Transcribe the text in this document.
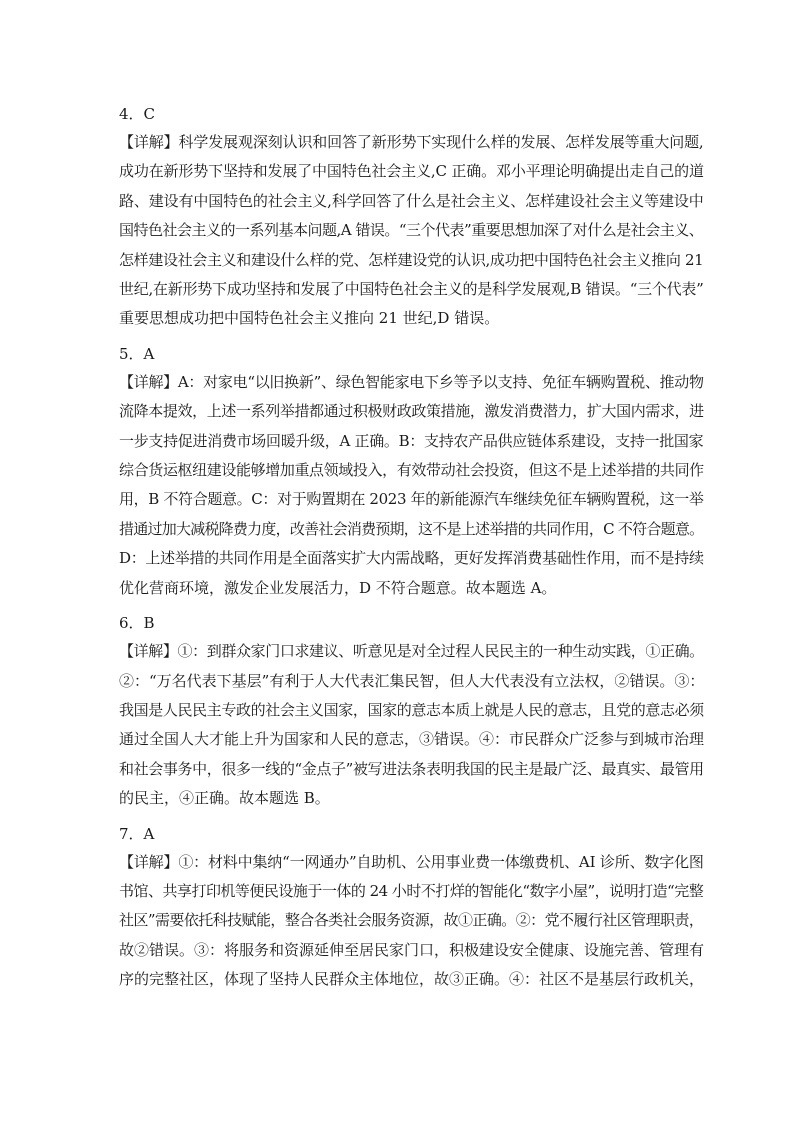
4．C

【详解】科学发展观深刻认识和回答了新形势下实现什么样的发展、怎样发展等重大问题,
成功在新形势下坚持和发展了中国特色社会主义,C 正确。邓小平理论明确提出走自己的道
路、建设有中国特色的社会主义,科学回答了什么是社会主义、怎样建设社会主义等建设中
国特色社会主义的一系列基本问题,A 错误。“三个代表”重要思想加深了对什么是社会主义、
怎样建设社会主义和建设什么样的党、怎样建设党的认识,成功把中国特色社会主义推向 21
世纪,在新形势下成功坚持和发展了中国特色社会主义的是科学发展观,B 错误。“三个代表”
重要思想成功把中国特色社会主义推向 21 世纪,D 错误。

5．A

【详解】A：对家电“以旧换新”、绿色智能家电下乡等予以支持、免征车辆购置税、推动物
流降本提效，上述一系列举措都通过积极财政政策措施，激发消费潜力，扩大国内需求，进
一步支持促进消费市场回暖升级，A 正确。B：支持农产品供应链体系建设，支持一批国家
综合货运枢纽建设能够增加重点领域投入，有效带动社会投资，但这不是上述举措的共同作
用，B 不符合题意。C：对于购置期在 2023 年的新能源汽车继续免征车辆购置税，这一举
措通过加大减税降费力度，改善社会消费预期，这不是上述举措的共同作用，C 不符合题意。
D：上述举措的共同作用是全面落实扩大内需战略，更好发挥消费基础性作用，而不是持续
优化营商环境，激发企业发展活力，D 不符合题意。故本题选 A。

6．B

【详解】①：到群众家门口求建议、听意见是对全过程人民民主的一种生动实践，①正确。
②：“万名代表下基层”有利于人大代表汇集民智，但人大代表没有立法权，②错误。③：
我国是人民民主专政的社会主义国家，国家的意志本质上就是人民的意志，且党的意志必须
通过全国人大才能上升为国家和人民的意志，③错误。④：市民群众广泛参与到城市治理
和社会事务中，很多一线的“金点子”被写进法条表明我国的民主是最广泛、最真实、最管用
的民主，④正确。故本题选 B。

7．A

【详解】①：材料中集纳“一网通办”自助机、公用事业费一体缴费机、AI 诊所、数字化图
书馆、共享打印机等便民设施于一体的 24 小时不打烊的智能化“数字小屋”，说明打造“完整
社区”需要依托科技赋能，整合各类社会服务资源，故①正确。②：党不履行社区管理职责，
故②错误。③：将服务和资源延伸至居民家门口，积极建设安全健康、设施完善、管理有
序的完整社区，体现了坚持人民群众主体地位，故③正确。④：社区不是基层行政机关，
